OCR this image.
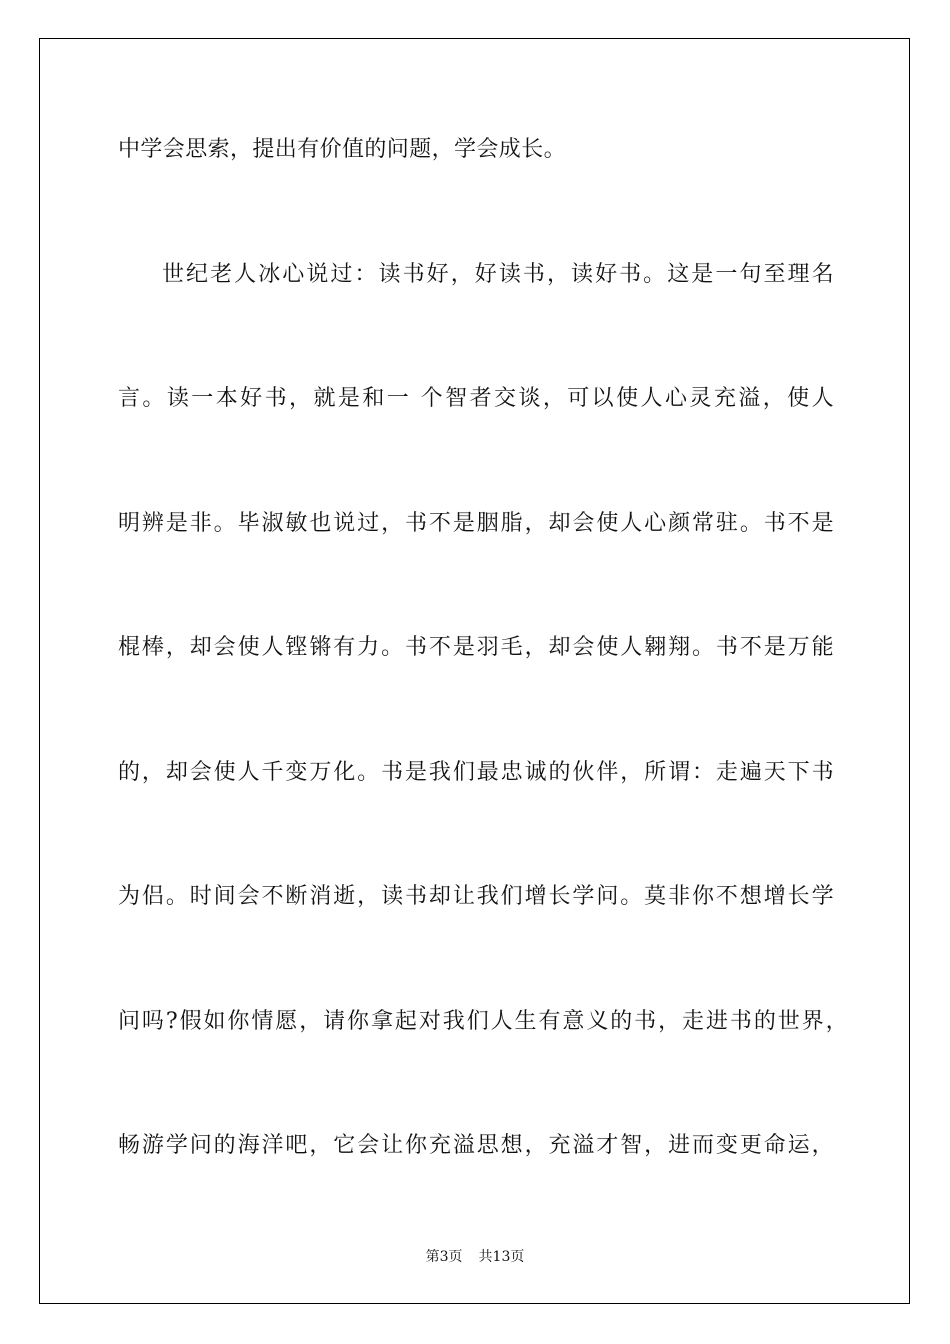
中学会思索，提出有价值的问题，学会成长。
世纪老人冰心说过：读书好，好读书，读好书。这是一句至理名
言。读一本好书，就是和一 个智者交谈，可以使人心灵充溢，使人
明辨是非。毕淑敏也说过，书不是胭脂，却会使人心颜常驻。书不是
棍棒，却会使人铿锵有力。书不是羽毛，却会使人翱翔。书不是万能
的，却会使人千变万化。书是我们最忠诚的伙伴，所谓：走遍天下书
为侣。时间会不断消逝，读书却让我们增长学问。莫非你不想增长学
问吗?假如你情愿，请你拿起对我们人生有意义的书，走进书的世界，
畅游学问的海洋吧，它会让你充溢思想，充溢才智，进而变更命运，
第3页 共13页
